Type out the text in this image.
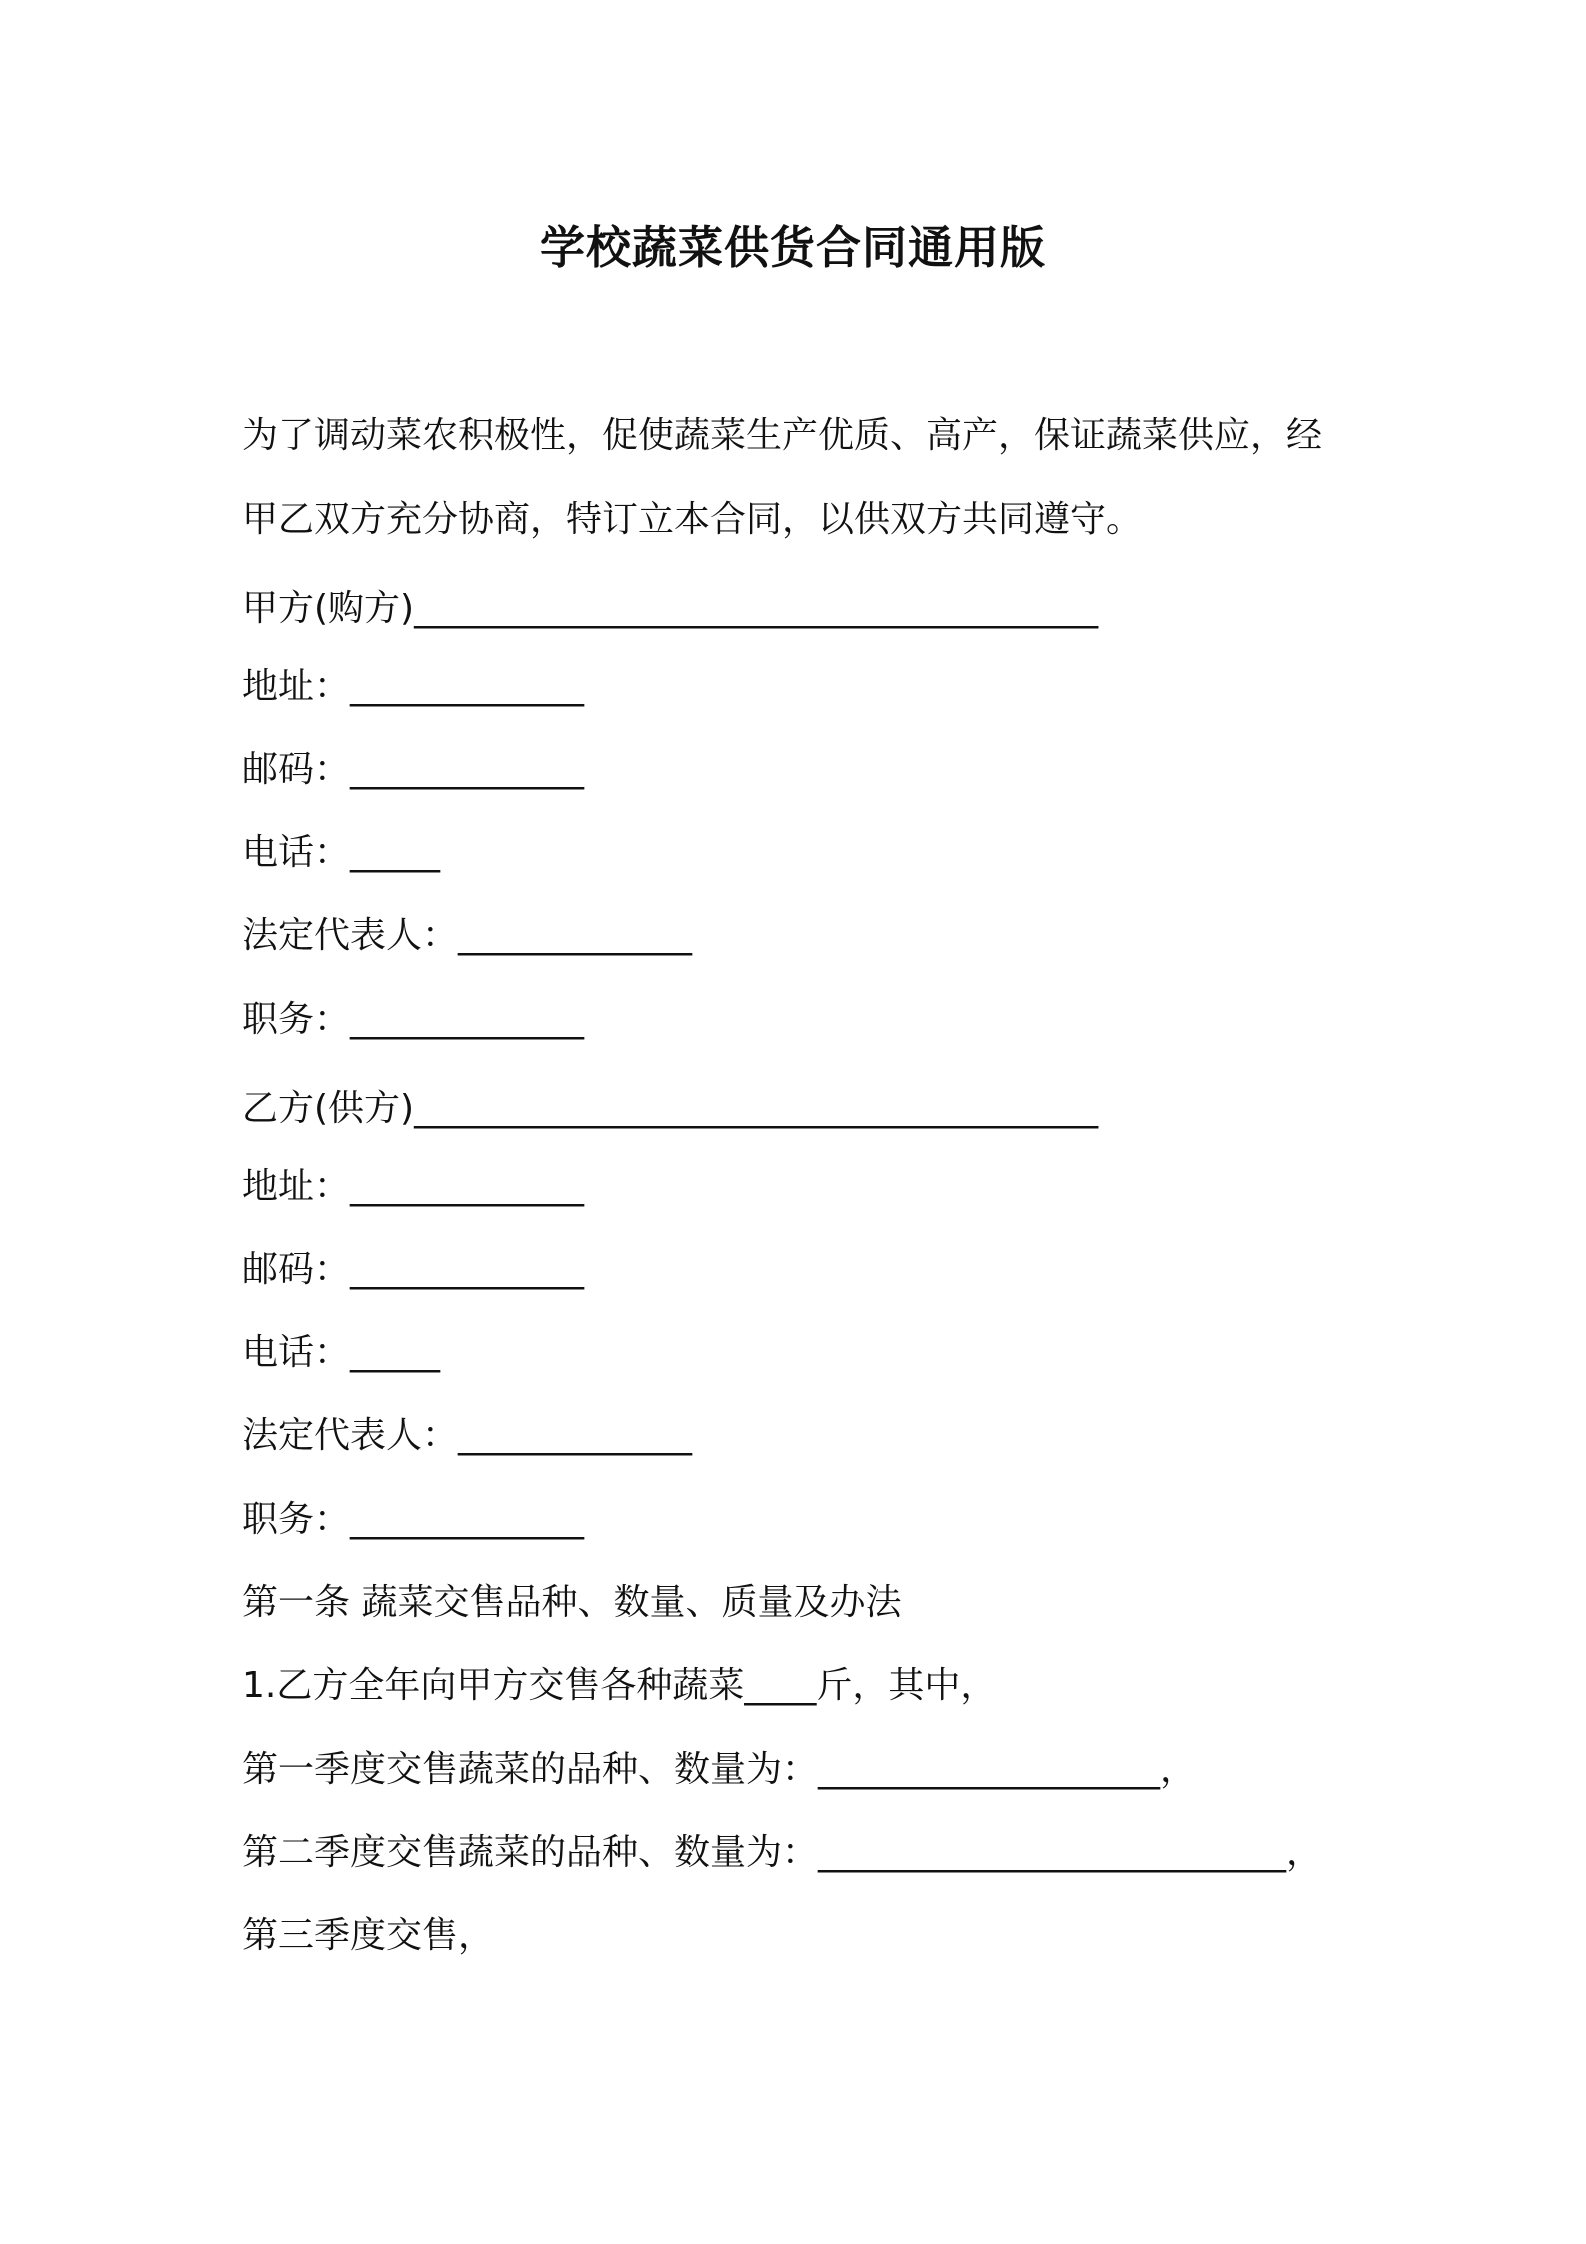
学校蔬菜供货合同通用版
为了调动菜农积极性，促使蔬菜生产优质、高产，保证蔬菜供应，经
甲乙双方充分协商，特订立本合同，以供双方共同遵守。
甲方(购方)______________________________________
地址：_____________
邮码：_____________
电话：_____
法定代表人：_____________
职务：_____________
乙方(供方)______________________________________
地址：_____________
邮码：_____________
电话：_____
法定代表人：_____________
职务：_____________
第一条 蔬菜交售品种、数量、质量及办法
1.乙方全年向甲方交售各种蔬菜____斤，其中，
第一季度交售蔬菜的品种、数量为：___________________，
第二季度交售蔬菜的品种、数量为：__________________________，
第三季度交售，
